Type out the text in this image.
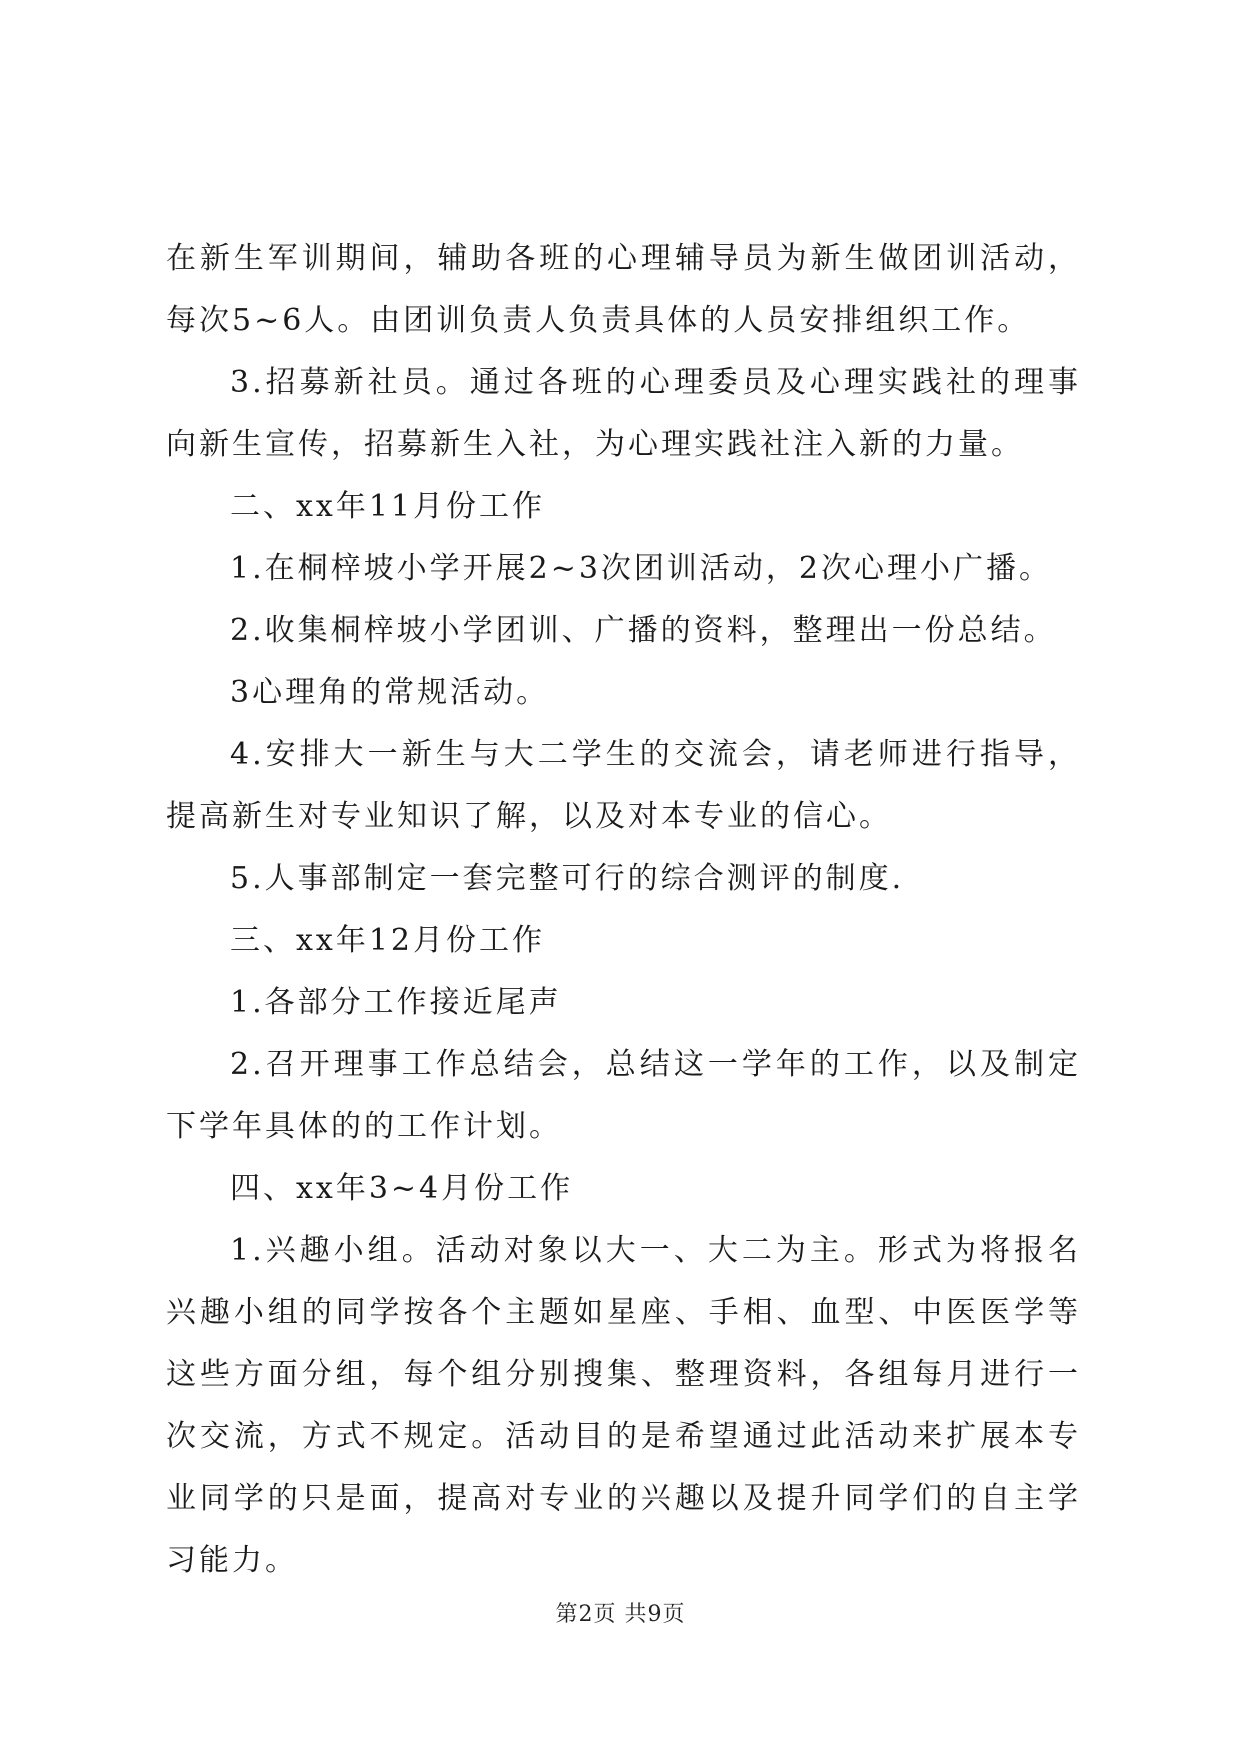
在新生军训期间，辅助各班的心理辅导员为新生做团训活动，每次5~6人。由团训负责人负责具体的人员安排组织工作。

3.招募新社员。通过各班的心理委员及心理实践社的理事向新生宣传，招募新生入社，为心理实践社注入新的力量。

二、xx年11月份工作

1.在桐梓坡小学开展2~3次团训活动，2次心理小广播。

2.收集桐梓坡小学团训、广播的资料，整理出一份总结。

3心理角的常规活动。

4.安排大一新生与大二学生的交流会，请老师进行指导，提高新生对专业知识了解，以及对本专业的信心。

5.人事部制定一套完整可行的综合测评的制度.

三、xx年12月份工作

1.各部分工作接近尾声

2.召开理事工作总结会，总结这一学年的工作，以及制定下学年具体的的工作计划。

四、xx年3~4月份工作

1.兴趣小组。活动对象以大一、大二为主。形式为将报名兴趣小组的同学按各个主题如星座、手相、血型、中医医学等这些方面分组，每个组分别搜集、整理资料，各组每月进行一次交流，方式不规定。活动目的是希望通过此活动来扩展本专业同学的只是面，提高对专业的兴趣以及提升同学们的自主学习能力。

第2页 共9页
